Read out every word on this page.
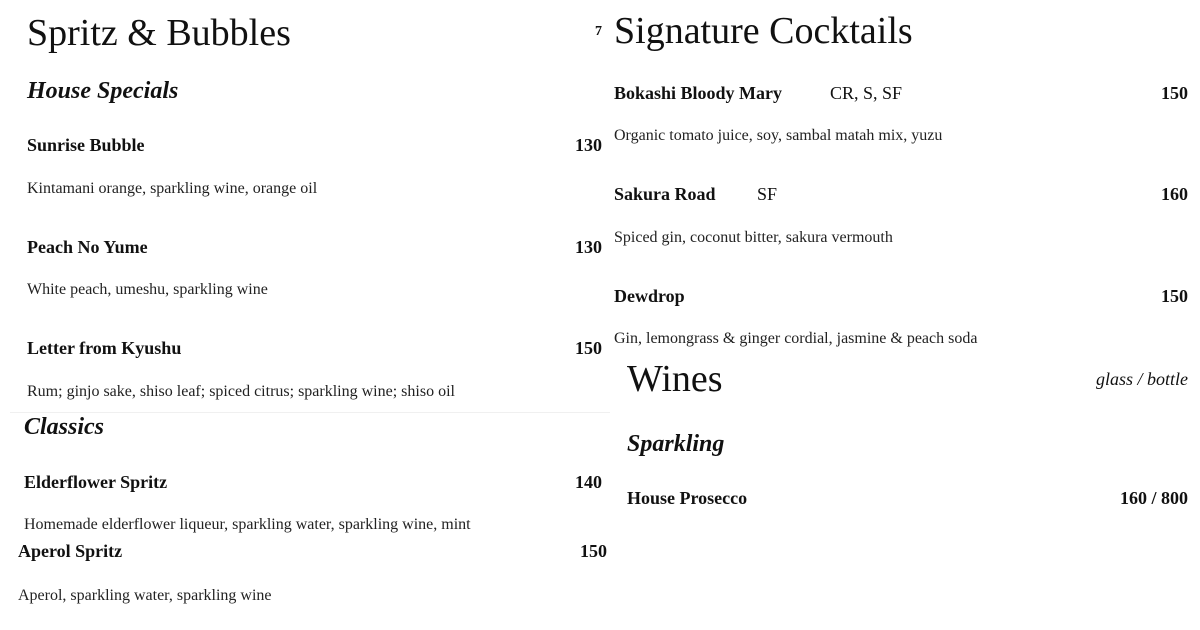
Spritz & Bubbles	7
House Specials
Sunrise Bubble	130
Kintamani orange, sparkling wine, orange oil
Peach No Yume	130
White peach, umeshu, sparkling wine
Letter from Kyushu	150
Rum; ginjo sake, shiso leaf; spiced citrus; sparkling wine; shiso oil
Classics
Elderflower Spritz	140
Homemade elderflower liqueur, sparkling water, sparkling wine, mint
Aperol Spritz	150
Aperol, sparkling water, sparkling wine
Signature Cocktails
Bokashi Bloody Mary	CR, S, SF	150
Organic tomato juice, soy, sambal matah mix, yuzu
Sakura Road SF	160
Spiced gin, coconut bitter, sakura vermouth
Dewdrop	150
Gin, lemongrass & ginger cordial, jasmine & peach soda
Wines	glass / bottle
Sparkling
House Prosecco	160 / 800
